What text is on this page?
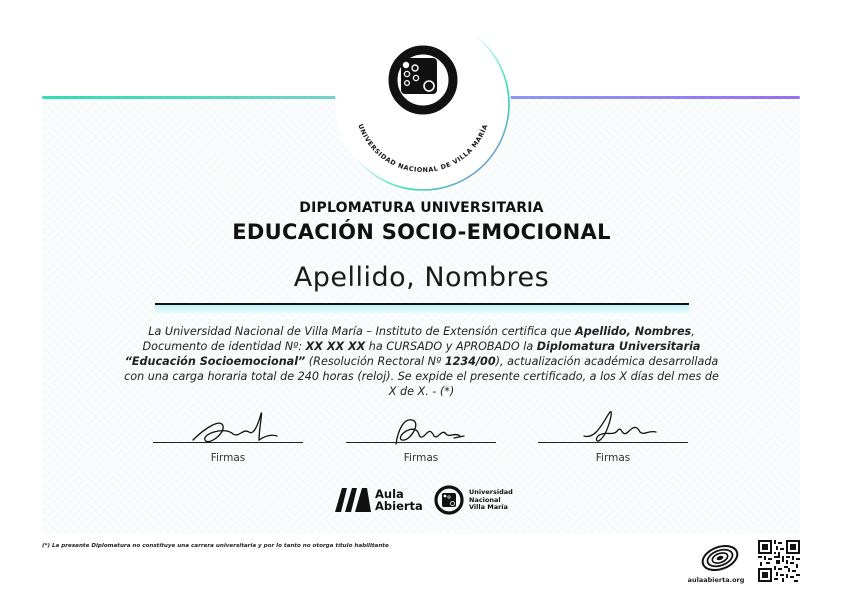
UNIVERSIDAD NACIONAL DE VILLA MARÍA
DIPLOMATURA UNIVERSITARIA
EDUCACIÓN SOCIO-EMOCIONAL
Apellido, Nombres
La Universidad Nacional de Villa María – Instituto de Extensión certifica que Apellido, Nombres, Documento de identidad Nº: XX XX XX ha CURSADO y APROBADO la Diplomatura Universitaria “Educación Socioemocional” (Resolución Rectoral Nº 1234/00), actualización académica desarrollada con una carga horaria total de 240 horas (reloj). Se expide el presente certificado, a los X días del mes de X de X. - (*)
Firmas	Firmas	Firmas
Aula
Abierta
Universidad
Nacional
Villa María
(*) La presente Diplomatura no constituye una carrera universitaria y por lo tanto no otorga título habilitante
aulaabierta.org
